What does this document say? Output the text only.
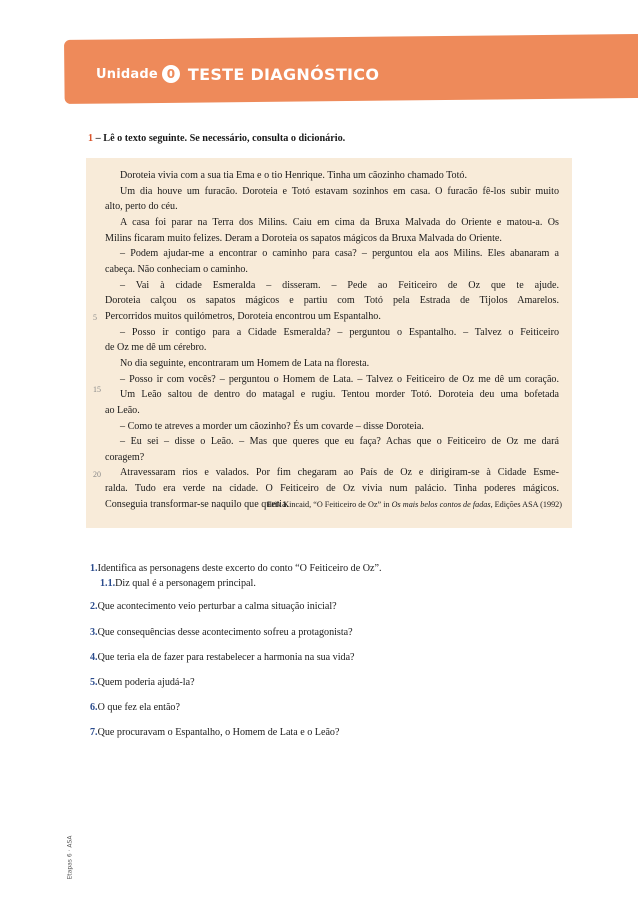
Unidade 0 TESTE DIAGNÓSTICO
1 – Lê o texto seguinte. Se necessário, consulta o dicionário.
Doroteia vivia com a sua tia Ema e o tio Henrique. Tinha um cãozinho chamado Totó.
Um dia houve um furacão. Doroteia e Totó estavam sozinhos em casa. O furacão fê-los subir muito
alto, perto do céu.
A casa foi parar na Terra dos Milins. Caiu em cima da Bruxa Malvada do Oriente e matou-a. Os
Milins ficaram muito felizes. Deram a Doroteia os sapatos mágicos da Bruxa Malvada do Oriente.
– Podem ajudar-me a encontrar o caminho para casa? – perguntou ela aos Milins. Eles abanaram a
cabeça. Não conheciam o caminho.
– Vai à cidade Esmeralda – disseram. – Pede ao Feiticeiro de Oz que te ajude.
Doroteia calçou os sapatos mágicos e partiu com Totó pela Estrada de Tijolos Amarelos.
5 Percorridos muitos quilómetros, Doroteia encontrou um Espantalho.
– Posso ir contigo para a Cidade Esmeralda? – perguntou o Espantalho. – Talvez o Feiticeiro
de Oz me dê um cérebro.
No dia seguinte, encontraram um Homem de Lata na floresta.
– Posso ir com vocês? – perguntou o Homem de Lata. – Talvez o Feiticeiro de Oz me dê um coração.
15 Um Leão saltou de dentro do matagal e rugiu. Tentou morder Totó. Doroteia deu uma bofetada
ao Leão.
– Como te atreves a morder um cãozinho? És um covarde – disse Doroteia.
– Eu sei – disse o Leão. – Mas que queres que eu faça? Achas que o Feiticeiro de Oz me dará
coragem?
20 Atravessaram rios e valados. Por fim chegaram ao País de Oz e dirigiram-se à Cidade Esme-
ralda. Tudo era verde na cidade. O Feiticeiro de Oz vivia num palácio. Tinha poderes mágicos.
Conseguia transformar-se naquilo que queria.
Erik Kincaid, “O Feiticeiro de Oz” in Os mais belos contos de fadas, Edições ASA (1992)
1.Identifica as personagens deste excerto do conto “O Feiticeiro de Oz”.
1.1.Diz qual é a personagem principal.
2.Que acontecimento veio perturbar a calma situação inicial?
3.Que consequências desse acontecimento sofreu a protagonista?
4.Que teria ela de fazer para restabelecer a harmonia na sua vida?
5.Quem poderia ajudá-la?
6.O que fez ela então?
7.Que procuravam o Espantalho, o Homem de Lata e o Leão?
Etapas 6 · ASA
